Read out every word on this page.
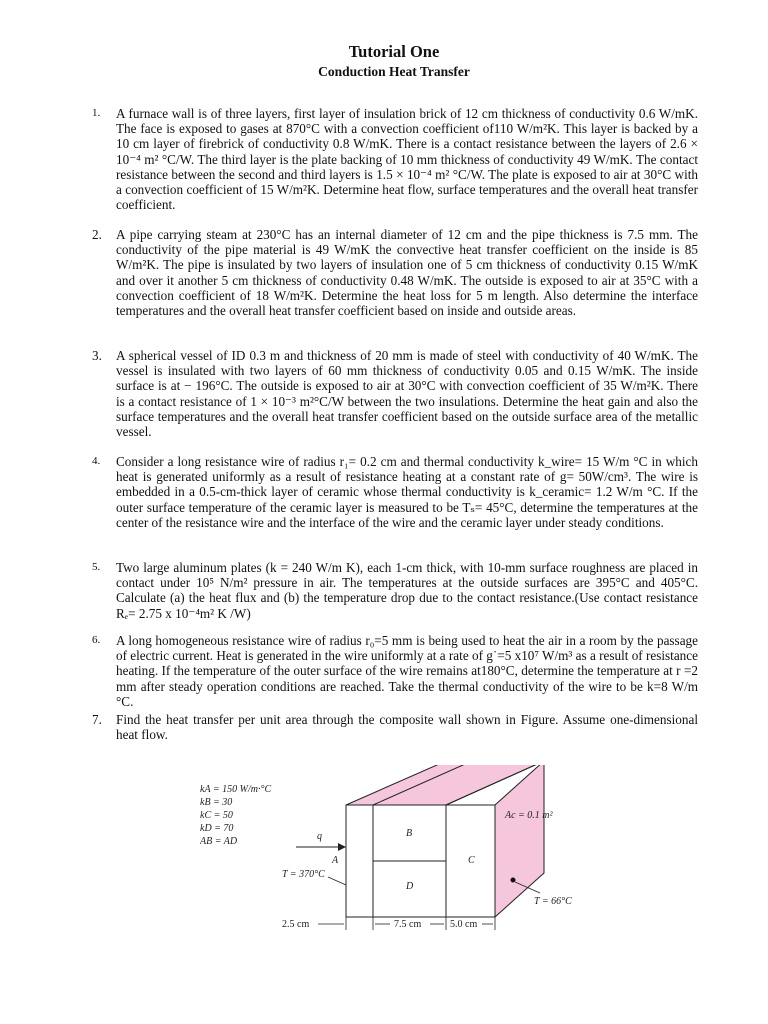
Tutorial One
Conduction Heat Transfer
1.	A furnace wall is of three layers, first layer of insulation brick of 12 cm thickness of conductivity 0.6 W/mK. The face is exposed to gases at 870°C with a convection coefficient of110 W/m²K. This layer is backed by a 10 cm layer of firebrick of conductivity 0.8 W/mK. There is a contact resistance between the layers of 2.6 × 10⁻⁴ m² °C/W. The third layer is the plate backing of 10 mm thickness of conductivity 49 W/mK. The contact resistance between the second and third layers is 1.5 × 10⁻⁴ m² °C/W. The plate is exposed to air at 30°C with a convection coefficient of 15 W/m²K. Determine heat flow, surface temperatures and the overall heat transfer coefficient.
2.	A pipe carrying steam at 230°C has an internal diameter of 12 cm and the pipe thickness is 7.5 mm. The conductivity of the pipe material is 49 W/mK the convective heat transfer coefficient on the inside is 85 W/m²K. The pipe is insulated by two layers of insulation one of 5 cm thickness of conductivity 0.15 W/mK and over it another 5 cm thickness of conductivity 0.48 W/mK. The outside is exposed to air at 35°C with a convection coefficient of 18 W/m²K. Determine the heat loss for 5 m length. Also determine the interface temperatures and the overall heat transfer coefficient based on inside and outside areas.
3.	A spherical vessel of ID 0.3 m and thickness of 20 mm is made of steel with conductivity of 40 W/mK. The vessel is insulated with two layers of 60 mm thickness of conductivity 0.05 and 0.15 W/mK. The inside surface is at − 196°C. The outside is exposed to air at 30°C with convection coefficient of 35 W/m²K. There is a contact resistance of 1 × 10⁻³ m²°C/W between the two insulations. Determine the heat gain and also the surface temperatures and the overall heat transfer coefficient based on the outside surface area of the metallic vessel.
4.	Consider a long resistance wire of radius r₁= 0.2 cm and thermal conductivity k_wire= 15 W/m °C in which heat is generated uniformly as a result of resistance heating at a constant rate of g= 50W/cm³. The wire is embedded in a 0.5-cm-thick layer of ceramic whose thermal conductivity is k_ceramic= 1.2 W/m °C. If the outer surface temperature of the ceramic layer is measured to be Tₛ= 45°C, determine the temperatures at the center of the resistance wire and the interface of the wire and the ceramic layer under steady conditions.
5.	Two large aluminum plates (k = 240 W/m K), each 1-cm thick, with 10-mm surface roughness are placed in contact under 10⁵ N/m² pressure in air. The temperatures at the outside surfaces are 395°C and 405°C. Calculate (a) the heat flux and (b) the temperature drop due to the contact resistance.(Use contact resistance Rₑ= 2.75 x 10⁻⁴m² K /W)
6.	A long homogeneous resistance wire of radius r₀=5 mm is being used to heat the air in a room by the passage of electric current. Heat is generated in the wire uniformly at a rate of g˙=5 x10⁷ W/m³ as a result of resistance heating. If the temperature of the outer surface of the wire remains at180°C, determine the temperature at r =2 mm after steady operation conditions are reached. Take the thermal conductivity of the wire to be k=8 W/m °C.
7.	Find the heat transfer per unit area through the composite wall shown in Figure. Assume one-dimensional heat flow.
kA = 150 W/m·°C
kB = 30
kC = 50
kD = 70
AB = AD
B
D
A	C
Ac = 0.1 m²
q
T = 370°C
T = 66°C
2.5 cm	7.5 cm	5.0 cm
